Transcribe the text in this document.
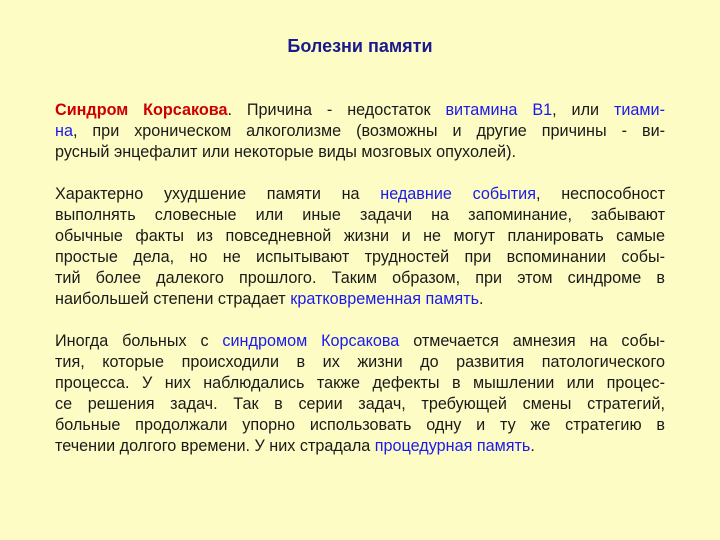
Болезни памяти
Синдром Корсакова. Причина - недостаток витамина В1, или тиами-
на, при хроническом алкоголизме (возможны и другие причины - ви-
русный энцефалит или некоторые виды мозговых опухолей).
Характерно ухудшение памяти на недавние события, неспособност
выполнять словесные или иные задачи на запоминание, забывают
обычные факты из повседневной жизни и не могут планировать самые
простые дела, но не испытывают трудностей при вспоминании собы-
тий более далекого прошлого. Таким образом, при этом синдроме в
наибольшей степени страдает кратковременная память.
Иногда больных с синдромом Корсакова отмечается амнезия на собы-
тия, которые происходили в их жизни до развития патологического
процесса. У них наблюдались также дефекты в мышлении или процес-
се решения задач. Так в серии задач, требующей смены стратегий,
больные продолжали упорно использовать одну и ту же стратегию в
течении долгого времени. У них страдала процедурная память.
